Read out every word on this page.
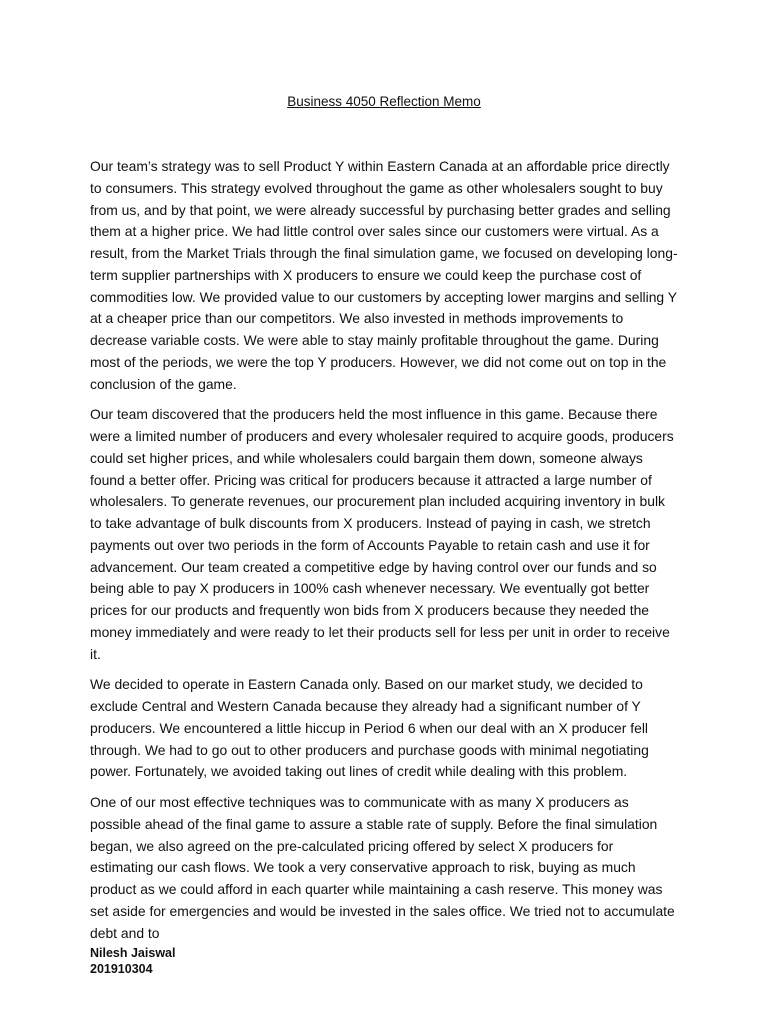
Business 4050 Reflection Memo

Our team’s strategy was to sell Product Y within Eastern Canada at an affordable price directly to consumers. This strategy evolved throughout the game as other wholesalers sought to buy from us, and by that point, we were already successful by purchasing better grades and selling them at a higher price. We had little control over sales since our customers were virtual. As a result, from the Market Trials through the final simulation game, we focused on developing long-term supplier partnerships with X producers to ensure we could keep the purchase cost of commodities low. We provided value to our customers by accepting lower margins and selling Y at a cheaper price than our competitors. We also invested in methods improvements to decrease variable costs. We were able to stay mainly profitable throughout the game. During most of the periods, we were the top Y producers. However, we did not come out on top in the conclusion of the game.

Our team discovered that the producers held the most influence in this game. Because there were a limited number of producers and every wholesaler required to acquire goods, producers could set higher prices, and while wholesalers could bargain them down, someone always found a better offer. Pricing was critical for producers because it attracted a large number of wholesalers. To generate revenues, our procurement plan included acquiring inventory in bulk to take advantage of bulk discounts from X producers. Instead of paying in cash, we stretch payments out over two periods in the form of Accounts Payable to retain cash and use it for advancement. Our team created a competitive edge by having control over our funds and so being able to pay X producers in 100% cash whenever necessary. We eventually got better prices for our products and frequently won bids from X producers because they needed the money immediately and were ready to let their products sell for less per unit in order to receive it.

We decided to operate in Eastern Canada only. Based on our market study, we decided to exclude Central and Western Canada because they already had a significant number of Y producers. We encountered a little hiccup in Period 6 when our deal with an X producer fell through. We had to go out to other producers and purchase goods with minimal negotiating power. Fortunately, we avoided taking out lines of credit while dealing with this problem.

One of our most effective techniques was to communicate with as many X producers as possible ahead of the final game to assure a stable rate of supply. Before the final simulation began, we also agreed on the pre-calculated pricing offered by select X producers for estimating our cash flows. We took a very conservative approach to risk, buying as much product as we could afford in each quarter while maintaining a cash reserve. This money was set aside for emergencies and would be invested in the sales office. We tried not to accumulate debt and to

Nilesh Jaiswal
201910304
